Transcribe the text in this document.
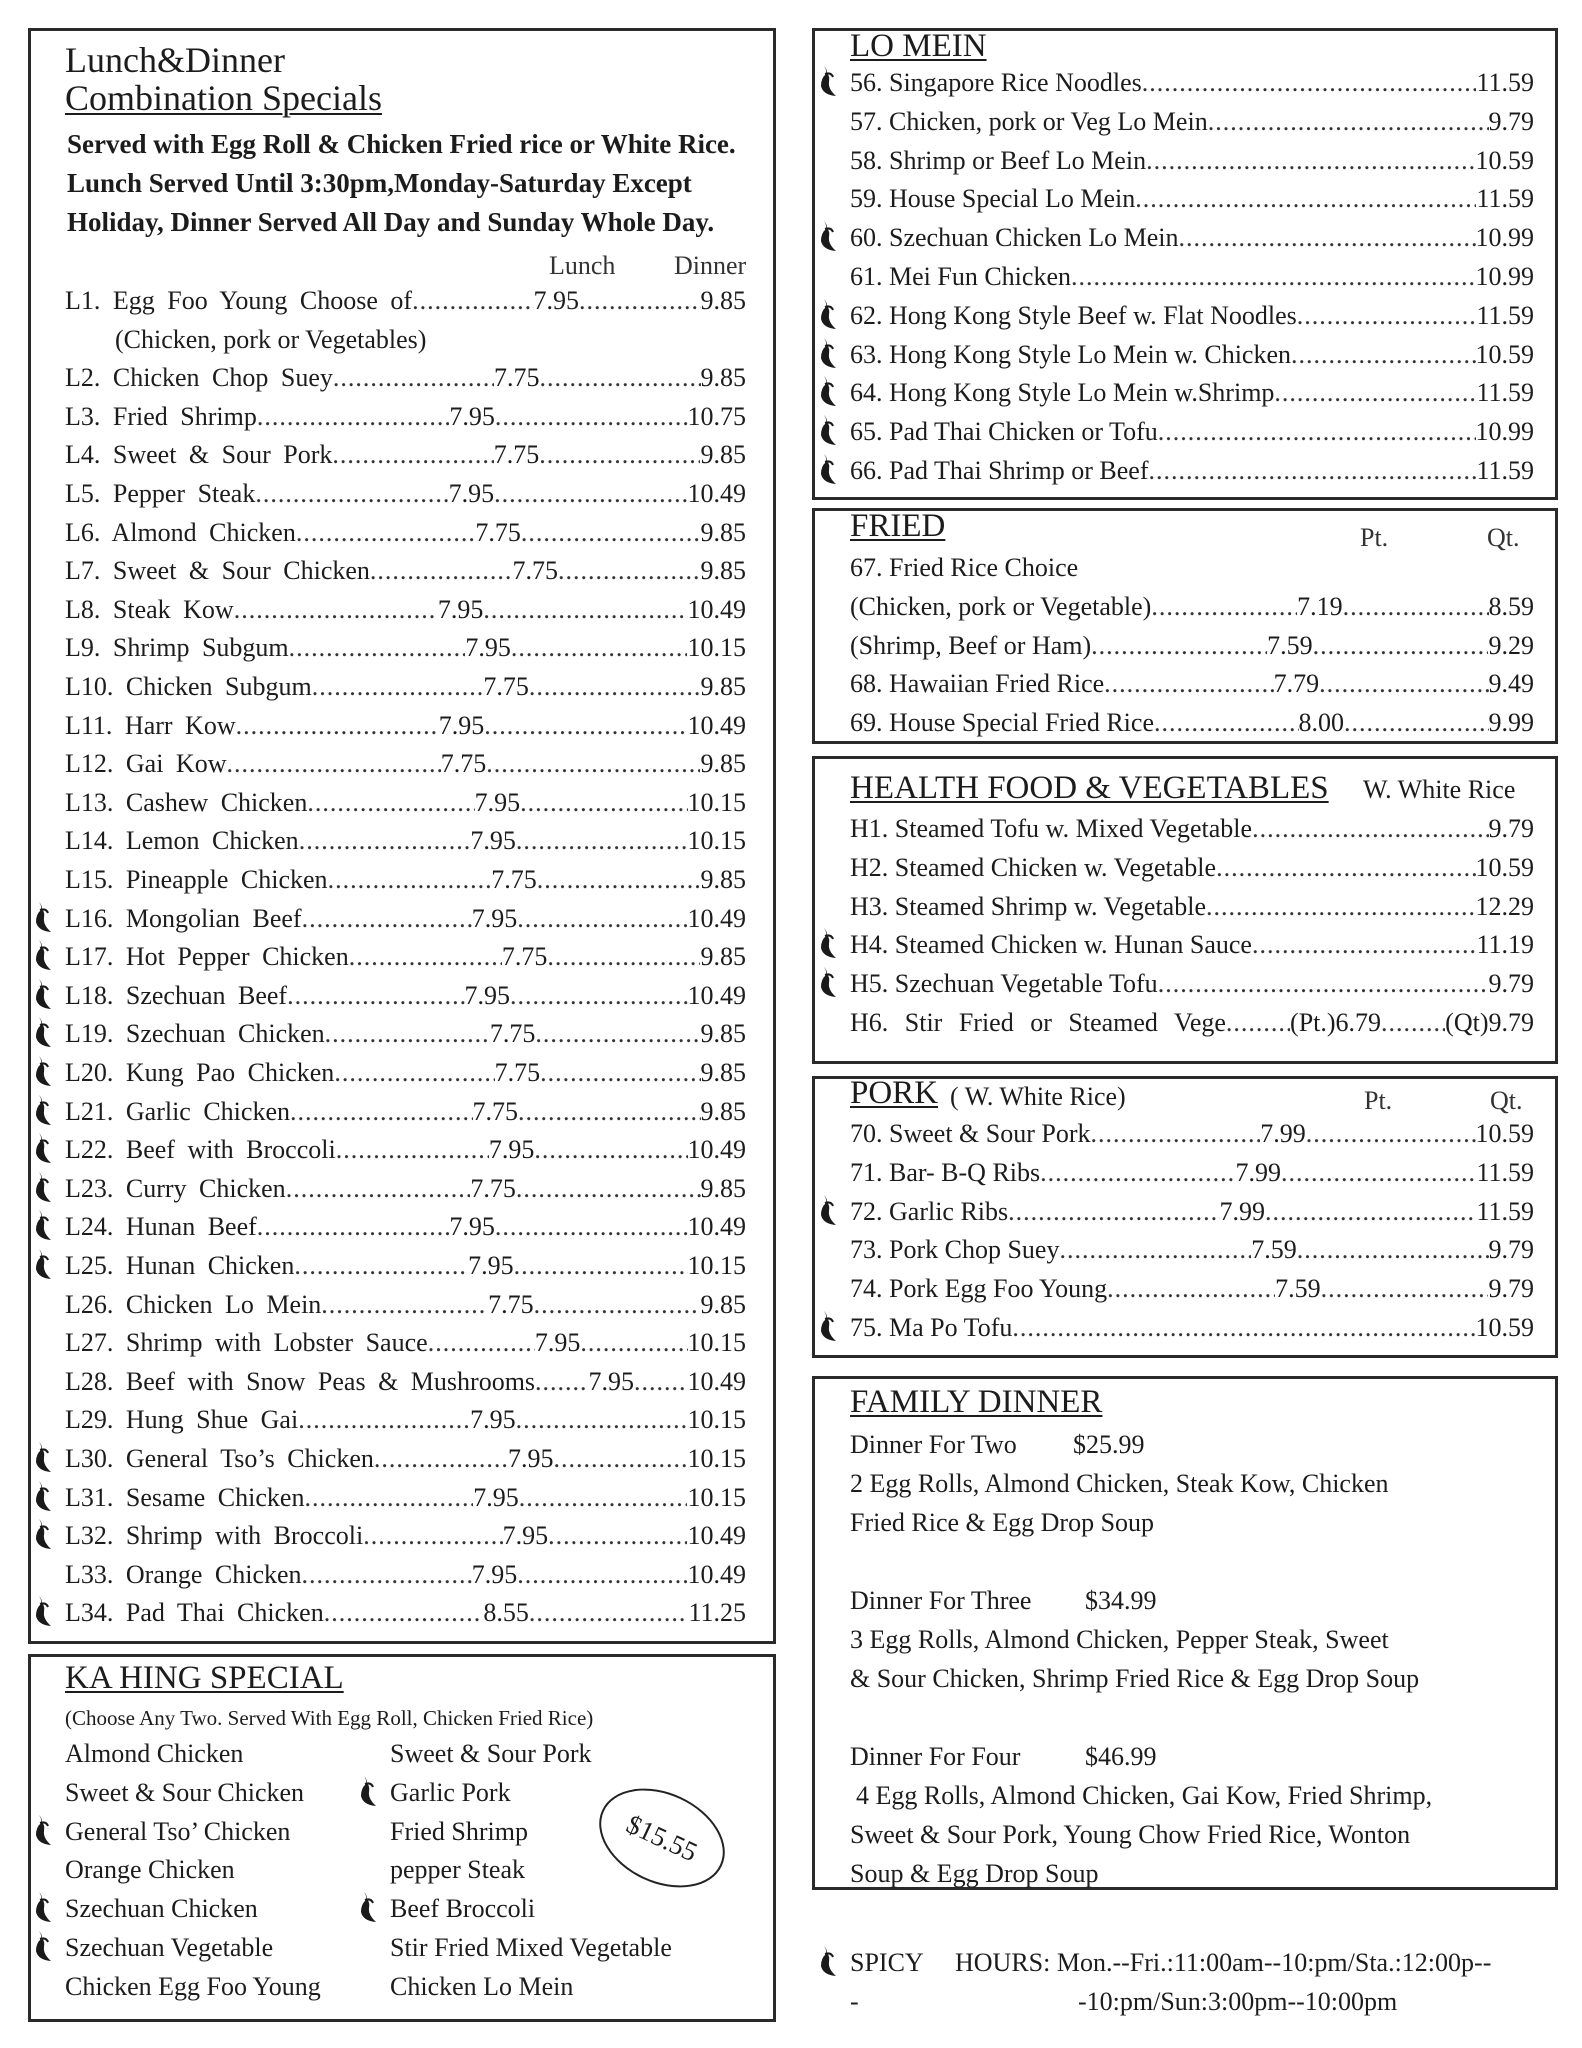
Lunch&Dinner
Combination Specials
Served with Egg Roll & Chicken Fried rice or White Rice.
Lunch Served Until 3:30pm,Monday-Saturday Except
Holiday, Dinner Served All Day and Sunday Whole Day.
Lunch Dinner
L1. Egg Foo Young Choose of .....	7.95 .....	9.85
(Chicken, pork or Vegetables)
L2. Chicken Chop Suey .....	7.75 .....	9.85
L3. Fried Shrimp .....	7.95 .....	10.75
L4. Sweet & Sour Pork .....	7.75 .....	9.85
L5. Pepper Steak .....	7.95 .....	10.49
L6. Almond Chicken .....	7.75 .....	9.85
L7. Sweet & Sour Chicken .....	7.75 .....	9.85
L8. Steak Kow .....	7.95 .....	10.49
L9. Shrimp Subgum .....	7.95 .....	10.15
L10. Chicken Subgum .....	7.75 .....	9.85
L11. Harr Kow .....	7.95 .....	10.49
L12. Gai Kow .....	7.75 .....	9.85
L13. Cashew Chicken .....	7.95 .....	10.15
L14. Lemon Chicken .....	7.95 .....	10.15
L15. Pineapple Chicken .....	7.75 .....	9.85
L16. Mongolian Beef .....	7.95 .....	10.49
L17. Hot Pepper Chicken .....	7.75 .....	9.85
L18. Szechuan Beef .....	7.95 .....	10.49
L19. Szechuan Chicken .....	7.75 .....	9.85
L20. Kung Pao Chicken .....	7.75 .....	9.85
L21. Garlic Chicken .....	7.75 .....	9.85
L22. Beef with Broccoli .....	7.95 .....	10.49
L23. Curry Chicken .....	7.75 .....	9.85
L24. Hunan Beef .....	7.95 .....	10.49
L25. Hunan Chicken .....	7.95 .....	10.15
L26. Chicken Lo Mein .....	7.75 .....	9.85
L27. Shrimp with Lobster Sauce .....	7.95 .....	10.15
L28. Beef with Snow Peas & Mushrooms ..... 7.95 ..... 10.49
L29. Hung Shue Gai .....	7.95 .....	10.15
L30. General Tso’s Chicken .....	7.95 .....	10.15
L31. Sesame Chicken .....	7.95 .....	10.15
L32. Shrimp with Broccoli .....	7.95 .....	10.49
L33. Orange Chicken .....	7.95 .....	10.49
L34. Pad Thai Chicken .....	8.55 .....	11.25
KA HING SPECIAL
(Choose Any Two. Served With Egg Roll, Chicken Fried Rice)
Almond Chicken
Sweet & Sour Chicken
General Tso’ Chicken
Orange Chicken
Szechuan Chicken
Szechuan Vegetable
Chicken Egg Foo Young
Sweet & Sour Pork
Garlic Pork
Fried Shrimp
pepper Steak
Beef Broccoli
Stir Fried Mixed Vegetable
Chicken Lo Mein
$15.55
LO MEIN
56. Singapore Rice Noodles .....	11.59
57. Chicken, pork or Veg Lo Mein .....	9.79
58. Shrimp or Beef Lo Mein .....	10.59
59. House Special Lo Mein .....	11.59
60. Szechuan Chicken Lo Mein .....	10.99
61. Mei Fun Chicken .....	10.99
62. Hong Kong Style Beef w. Flat Noodles .....	11.59
63. Hong Kong Style Lo Mein w. Chicken .....	10.59
64. Hong Kong Style Lo Mein w.Shrimp .....	11.59
65. Pad Thai Chicken or Tofu .....	10.99
66. Pad Thai Shrimp or Beef .....	11.59
FRIED	Pt.	Qt.
67. Fried Rice Choice
(Chicken, pork or Vegetable) .....	7.19 .....	8.59
(Shrimp, Beef or Ham) .....	7.59 .....	9.29
68. Hawaiian Fried Rice .....	7.79 .....	9.49
69. House Special Fried Rice .....	8.00 .....	9.99
HEALTH FOOD & VEGETABLES W. White Rice
H1. Steamed Tofu w. Mixed Vegetable .....	9.79
H2. Steamed Chicken w. Vegetable .....	10.59
H3. Steamed Shrimp w. Vegetable .....	12.29
H4. Steamed Chicken w. Hunan Sauce .....	11.19
H5. Szechuan Vegetable Tofu .....	9.79
H6. Stir Fried or Steamed Vege ..... (Pt.)6.79 ..... (Qt)9.79
PORK ( W. White Rice)	Pt.	Qt.
70. Sweet & Sour Pork .....	7.99 .....	10.59
71. Bar- B-Q Ribs .....	7.99 .....	11.59
72. Garlic Ribs .....	7.99 .....	11.59
73. Pork Chop Suey .....	7.59 .....	9.79
74. Pork Egg Foo Young .....	7.59 .....	9.79
75. Ma Po Tofu .....	10.59
FAMILY DINNER
Dinner For Two $25.99
2 Egg Rolls, Almond Chicken, Steak Kow, Chicken
Fried Rice & Egg Drop Soup
Dinner For Three $34.99
3 Egg Rolls, Almond Chicken, Pepper Steak, Sweet
& Sour Chicken, Shrimp Fried Rice & Egg Drop Soup
Dinner For Four $46.99
4 Egg Rolls, Almond Chicken, Gai Kow, Fried Shrimp,
Sweet & Sour Pork, Young Chow Fried Rice, Wonton
Soup & Egg Drop Soup
SPICY HOURS: Mon.--Fri.:11:00am--10:pm/Sta.:12:00p--
-	-10:pm/Sun:3:00pm--10:00pm
